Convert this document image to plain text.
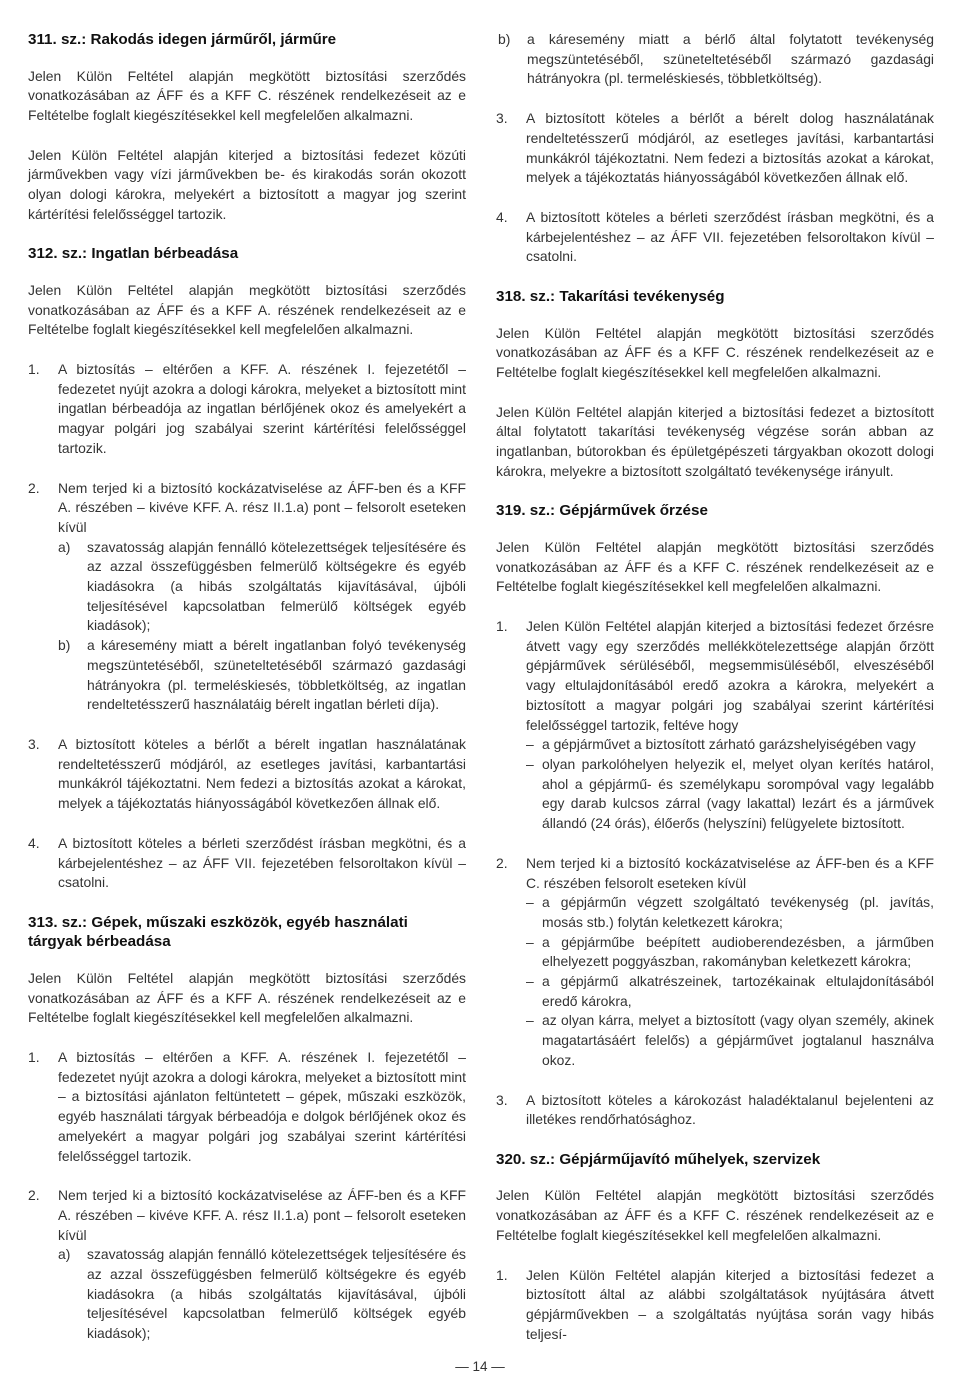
311. sz.: Rakodás idegen járműről, járműre

Jelen Külön Feltétel alapján megkötött biztosítási szerződés vonatkozásában az ÁFF és a KFF C. részének rendelkezéseit az e Feltételbe foglalt kiegészítésekkel kell megfelelően alkalmazni.

Jelen Külön Feltétel alapján kiterjed a biztosítási fedezet közúti járművekben vagy vízi járművekben be- és kirakodás során okozott olyan dologi károkra, melyekért a biztosított a magyar jog szerint kártérítési felelősséggel tartozik.

312. sz.: Ingatlan bérbeadása

Jelen Külön Feltétel alapján megkötött biztosítási szerződés vonatkozásában az ÁFF és a KFF A. részének rendelkezéseit az e Feltételbe foglalt kiegészítésekkel kell megfelelően alkalmazni.

1. A biztosítás – eltérően a KFF. A. részének I. fejezetétől – fedezetet nyújt azokra a dologi károkra, melyeket a biztosított mint ingatlan bérbeadója az ingatlan bérlőjének okoz és amelyekért a magyar polgári jog szabályai szerint kártérítési felelősséggel tartozik.
2. Nem terjed ki a biztosító kockázatviselése az ÁFF-ben és a KFF A. részében – kivéve KFF. A. rész II.1.a) pont – felsorolt eseteken kívül
a) szavatosság alapján fennálló kötelezettségek teljesítésére és az azzal összefüggésben felmerülő költségekre és egyéb kiadásokra (a hibás szolgáltatás kijavításával, újbóli teljesítésével kapcsolatban felmerülő költségek egyéb kiadások);
b) a káresemény miatt a bérelt ingatlanban folyó tevékenység megszüntetéséből, szüneteltetéséből származó gazdasági hátrányokra (pl. termeléskiesés, többletköltség, az ingatlan rendeltetésszerű használatáig bérelt ingatlan bérleti díja).
3. A biztosított köteles a bérlőt a bérelt ingatlan használatának rendeltetésszerű módjáról, az esetleges javítási, karbantartási munkákról tájékoztatni. Nem fedezi a biztosítás azokat a károkat, melyek a tájékoztatás hiányosságából következően állnak elő.
4. A biztosított köteles a bérleti szerződést írásban megkötni, és a kárbejelentéshez – az ÁFF VII. fejezetében felsoroltakon kívül – csatolni.
313. sz.: Gépek, műszaki eszközök, egyéb használati tárgyak bérbeadása

Jelen Külön Feltétel alapján megkötött biztosítási szerződés vonatkozásában az ÁFF és a KFF A. részének rendelkezéseit az e Feltételbe foglalt kiegészítésekkel kell megfelelően alkalmazni.

1. A biztosítás – eltérően a KFF. A. részének I. fejezetétől – fedezetet nyújt azokra a dologi károkra, melyeket a biztosított mint – a biztosítási ajánlaton feltüntetett – gépek, műszaki eszközök, egyéb használati tárgyak bérbeadója e dolgok bérlőjének okoz és amelyekért a magyar polgári jog szabályai szerint kártérítési felelősséggel tartozik.
2. Nem terjed ki a biztosító kockázatviselése az ÁFF-ben és a KFF A. részében – kivéve KFF. A. rész II.1.a) pont – felsorolt eseteken kívül
a) szavatosság alapján fennálló kötelezettségek teljesítésére és az azzal összefüggésben felmerülő költségekre és egyéb kiadásokra (a hibás szolgáltatás kijavításával, újbóli teljesítésével kapcsolatban felmerülő költségek egyéb kiadások);
b) a káresemény miatt a bérlő által folytatott tevékenység megszüntetéséből, szüneteltetéséből származó gazdasági hátrányokra (pl. termeléskiesés, többletköltség).
3. A biztosított köteles a bérlőt a bérelt dolog használatának rendeltetésszerű módjáról, az esetleges javítási, karbantartási munkákról tájékoztatni. Nem fedezi a biztosítás azokat a károkat, melyek a tájékoztatás hiányosságából következően állnak elő.
4. A biztosított köteles a bérleti szerződést írásban megkötni, és a kárbejelentéshez – az ÁFF VII. fejezetében felsoroltakon kívül – csatolni.
318. sz.: Takarítási tevékenység

Jelen Külön Feltétel alapján megkötött biztosítási szerződés vonatkozásában az ÁFF és a KFF C. részének rendelkezéseit az e Feltételbe foglalt kiegészítésekkel kell megfelelően alkalmazni.

Jelen Külön Feltétel alapján kiterjed a biztosítási fedezet a biztosított által folytatott takarítási tevékenység végzése során abban az ingatlanban, bútorokban és épületgépészeti tárgyakban okozott dologi károkra, melyekre a biztosított szolgáltató tevékenysége irányult.

319. sz.: Gépjárművek őrzése

Jelen Külön Feltétel alapján megkötött biztosítási szerződés vonatkozásában az ÁFF és a KFF C. részének rendelkezéseit az e Feltételbe foglalt kiegészítésekkel kell megfelelően alkalmazni.

1. Jelen Külön Feltétel alapján kiterjed a biztosítási fedezet őrzésre átvett vagy egy szerződés mellékkötelezettsége alapján őrzött gépjárművek sérüléséből, megsemmisüléséből, elveszéséből vagy eltulajdonításából eredő azokra a károkra, melyekért a biztosított a magyar polgári jog szabályai szerint kártérítési felelősséggel tartozik, feltéve hogy
– a gépjárművet a biztosított zárható garázshelyiségében vagy
– olyan parkolóhelyen helyezik el, melyet olyan kerítés határol, ahol a gépjármű- és személykapu sorompóval vagy legalább egy darab kulcsos zárral (vagy lakattal) lezárt és a járművek állandó (24 órás), élőerős (helyszíni) felügyelete biztosított.
2. Nem terjed ki a biztosító kockázatviselése az ÁFF-ben és a KFF C. részében felsorolt eseteken kívül
– a gépjárműn végzett szolgáltató tevékenység (pl. javítás, mosás stb.) folytán keletkezett károkra;
– a gépjárműbe beépített audioberendezésben, a járműben elhelyezett poggyászban, rakományban keletkezett károkra;
– a gépjármű alkatrészeinek, tartozékainak eltulajdonításából eredő károkra,
– az olyan kárra, melyet a biztosított (vagy olyan személy, akinek magatartásáért felelős) a gépjárművet jogtalanul használva okoz.
3. A biztosított köteles a károkozást haladéktalanul bejelenteni az illetékes rendőrhatósághoz.
320. sz.: Gépjárműjavító műhelyek, szervizek

Jelen Külön Feltétel alapján megkötött biztosítási szerződés vonatkozásában az ÁFF és a KFF C. részének rendelkezéseit az e Feltételbe foglalt kiegészítésekkel kell megfelelően alkalmazni.

1. Jelen Külön Feltétel alapján kiterjed a biztosítási fedezet a biztosított által az alábbi szolgáltatások nyújtására átvett gépjárművekben – a szolgáltatás nyújtása során vagy hibás teljesí-
— 14 —
